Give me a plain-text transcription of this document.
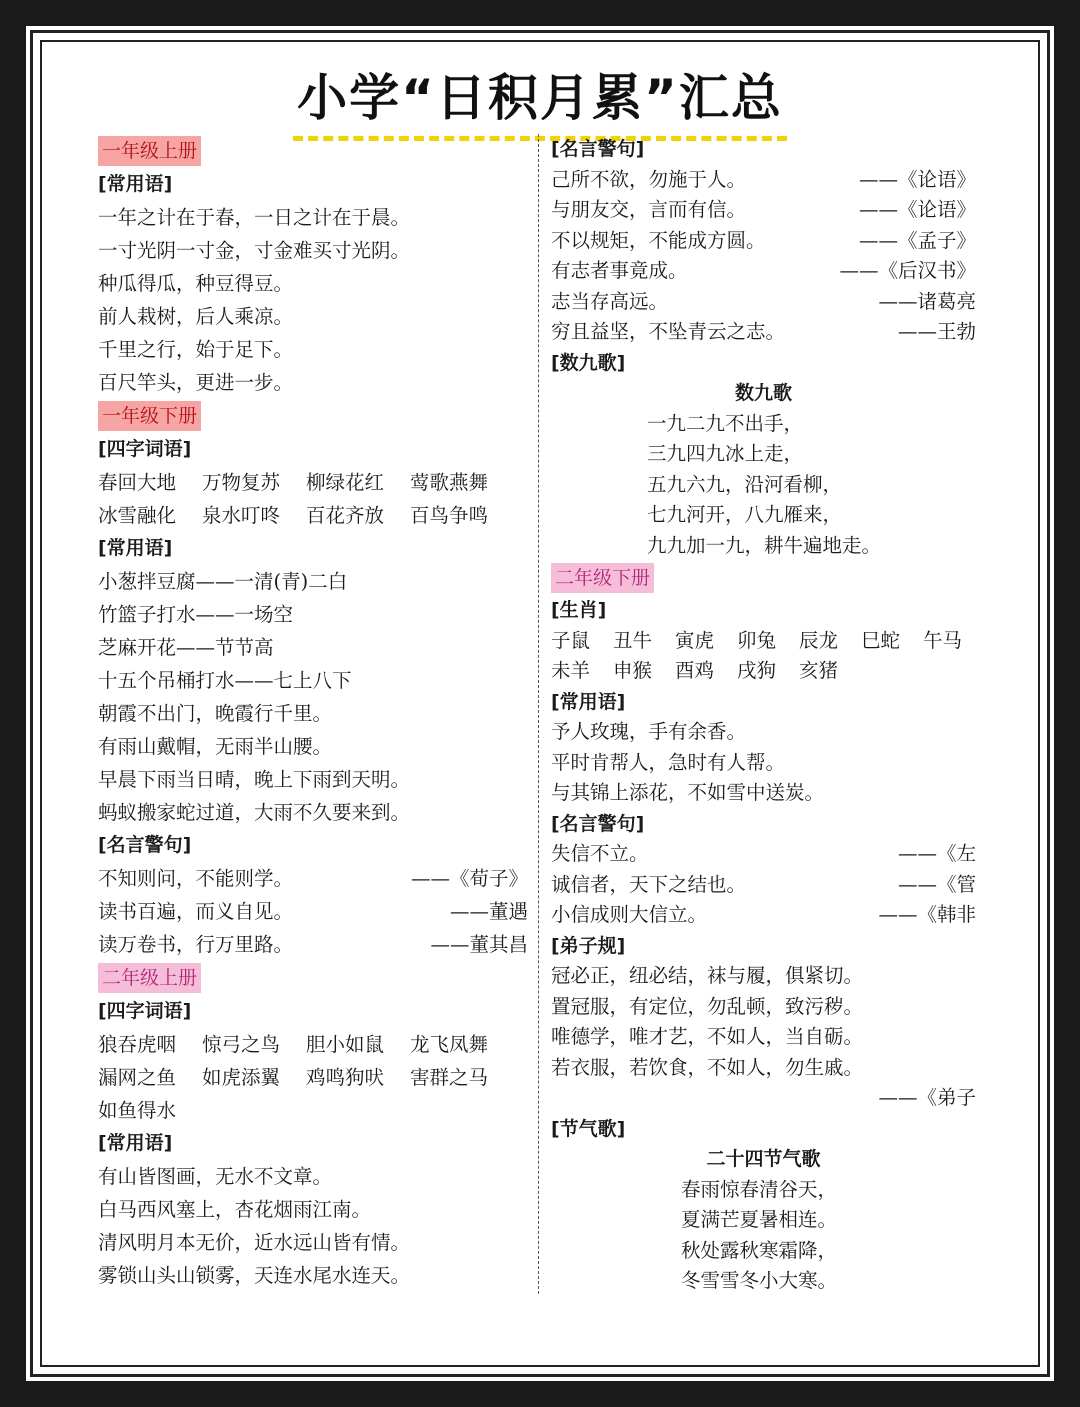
小学“日积月累”汇总
一年级上册
[常用语]
一年之计在于春，一日之计在于晨。
一寸光阴一寸金，寸金难买寸光阴。
种瓜得瓜，种豆得豆。
前人栽树，后人乘凉。
千里之行，始于足下。
百尺竿头，更进一步。
一年级下册
[四字词语]
春回大地	万物复苏	柳绿花红	莺歌燕舞
冰雪融化	泉水叮咚	百花齐放	百鸟争鸣
[常用语]
小葱拌豆腐——一清(青)二白
竹篮子打水——一场空
芝麻开花——节节高
十五个吊桶打水——七上八下
朝霞不出门，晚霞行千里。
有雨山戴帽，无雨半山腰。
早晨下雨当日晴，晚上下雨到天明。
蚂蚁搬家蛇过道，大雨不久要来到。
[名言警句]
不知则问，不能则学。	——《荀子》
读书百遍，而义自见。	——董遇
读万卷书，行万里路。	——董其昌
二年级上册
[四字词语]
狼吞虎咽	惊弓之鸟	胆小如鼠	龙飞凤舞
漏网之鱼	如虎添翼	鸡鸣狗吠	害群之马
如鱼得水
[常用语]
有山皆图画，无水不文章。
白马西风塞上，杏花烟雨江南。
清风明月本无价，近水远山皆有情。
雾锁山头山锁雾，天连水尾水连天。
[名言警句]
己所不欲，勿施于人。	——《论语》
与朋友交，言而有信。	——《论语》
不以规矩，不能成方圆。	——《孟子》
有志者事竟成。	——《后汉书》
志当存高远。	——诸葛亮
穷且益坚，不坠青云之志。	——王勃
[数九歌]
数九歌
一九二九不出手，
三九四九冰上走，
五九六九，沿河看柳，
七九河开，八九雁来，
九九加一九，耕牛遍地走。
二年级下册
[生肖]
子鼠	丑牛	寅虎	卯兔	辰龙	巳蛇	午马
未羊	申猴	酉鸡	戌狗	亥猪
[常用语]
予人玫瑰，手有余香。
平时肯帮人，急时有人帮。
与其锦上添花，不如雪中送炭。
[名言警句]
失信不立。	——《左
诚信者，天下之结也。	——《管
小信成则大信立。	——《韩非
[弟子规]
冠必正，纽必结，袜与履，俱紧切。
置冠服，有定位，勿乱顿，致污秽。
唯德学，唯才艺，不如人，当自砺。
若衣服，若饮食，不如人，勿生戚。
——《弟子
[节气歌]
二十四节气歌
春雨惊春清谷天，
夏满芒夏暑相连。
秋处露秋寒霜降，
冬雪雪冬小大寒。
